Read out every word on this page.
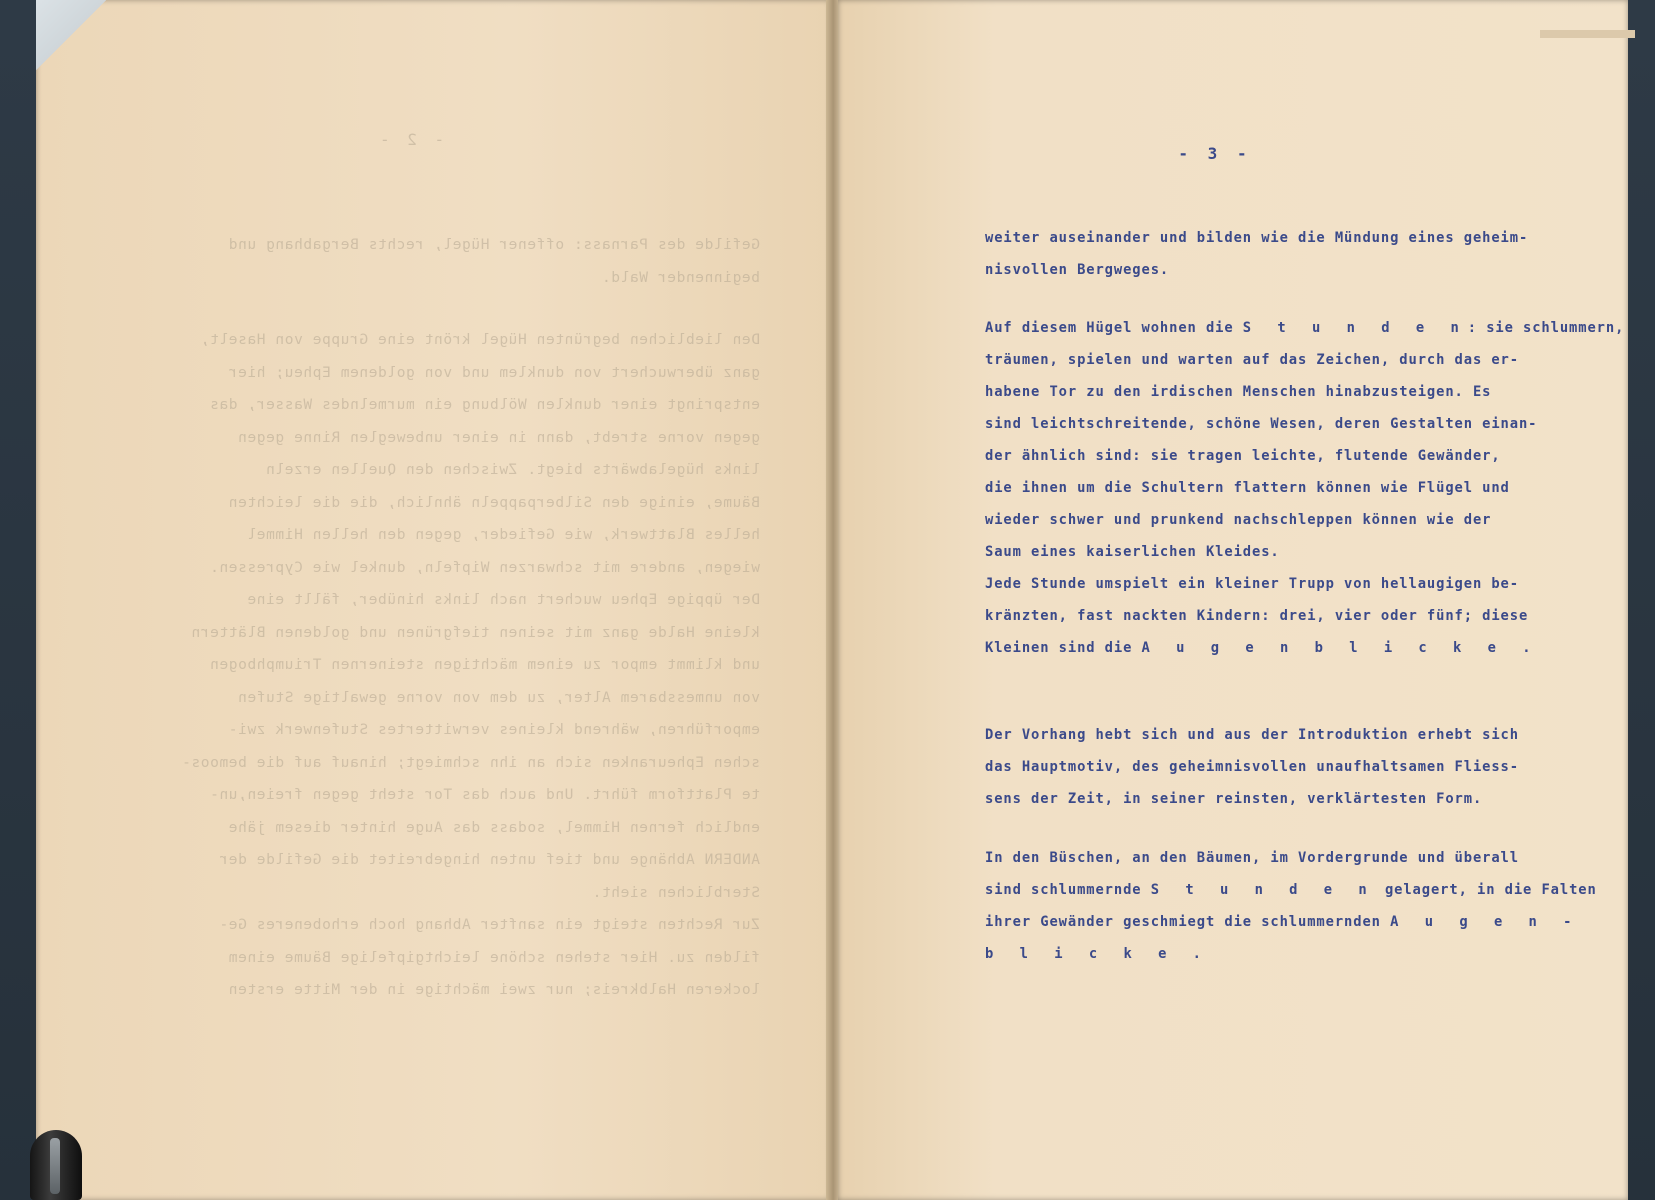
- 2 -
Gefilde des Parnass: offener Hügel, rechts Bergabhang und
beginnender Wald.
Den lieblichen begrünten Hügel krönt eine Gruppe von Haselt,
ganz überwuchert von dunklem und von goldenem Epheu; hier
entspringt einer dunklen Wölbung ein murmelndes Wasser, das
gegen vorne strebt, dann in einer unbeweglen Rinne gegen
links hügelabwärts biegt. Zwischen den Quellen erzeln
Bäume, einige den Silberpappeln ähnlich, die die leichten
helles Blattwerk, wie Gefieder, gegen den hellen Himmel
wiegen, andere mit schwarzen Wipfeln, dunkel wie Cypressen.
Der üppige Epheu wuchert nach links hinüber, fällt eine
kleine Halde ganz mit seinen tiefgrünen und goldenen Blättern
und klimmt empor zu einem mächtigen steinernen Triumphbogen
von unmessbarem Alter, zu dem von vorne gewaltige Stufen
emporführen, während kleines verwittertes Stufenwerk zwi-
schen Epheuranken sich an ihn schmiegt; hinauf auf die bemoos-
te Plattform führt. Und auch das Tor steht gegen freien,un-
endlich fernen Himmel, sodass das Auge hinter diesem jähe
ANDERN Abhänge und tief unten hingebreitet die Gefilde der
Sterblichen sieht.
Zur Rechten steigt ein sanfter Abhang hoch erhobeneres Ge-
filden zu. Hier stehen schöne leichtgipfelige Bäume einem
lockeren Halbkreis; nur zwei mächtige in der Mitte ersten
- 3 -
weiter auseinander und bilden wie die Mündung eines geheim-
nisvollen Bergweges.
Auf diesem Hügel wohnen die S t u n d e n: sie schlummern,
träumen, spielen und warten auf das Zeichen, durch das er-
habene Tor zu den irdischen Menschen hinabzusteigen. Es
sind leichtschreitende, schöne Wesen, deren Gestalten einan-
der ähnlich sind: sie tragen leichte, flutende Gewänder,
die ihnen um die Schultern flattern können wie Flügel und
wieder schwer und prunkend nachschleppen können wie der
Saum eines kaiserlichen Kleides.
Jede Stunde umspielt ein kleiner Trupp von hellaugigen be-
kränzten, fast nackten Kindern: drei, vier oder fünf; diese
Kleinen sind die A u g e n b l i c k e .
Der Vorhang hebt sich und aus der Introduktion erhebt sich
das Hauptmotiv, des geheimnisvollen unaufhaltsamen Fliess-
sens der Zeit, in seiner reinsten, verklärtesten Form.
In den Büschen, an den Bäumen, im Vordergrunde und überall
sind schlummernde S t u n d e n gelagert, in die Falten
ihrer Gewänder geschmiegt die schlummernden A u g e n -
b l i c k e .
